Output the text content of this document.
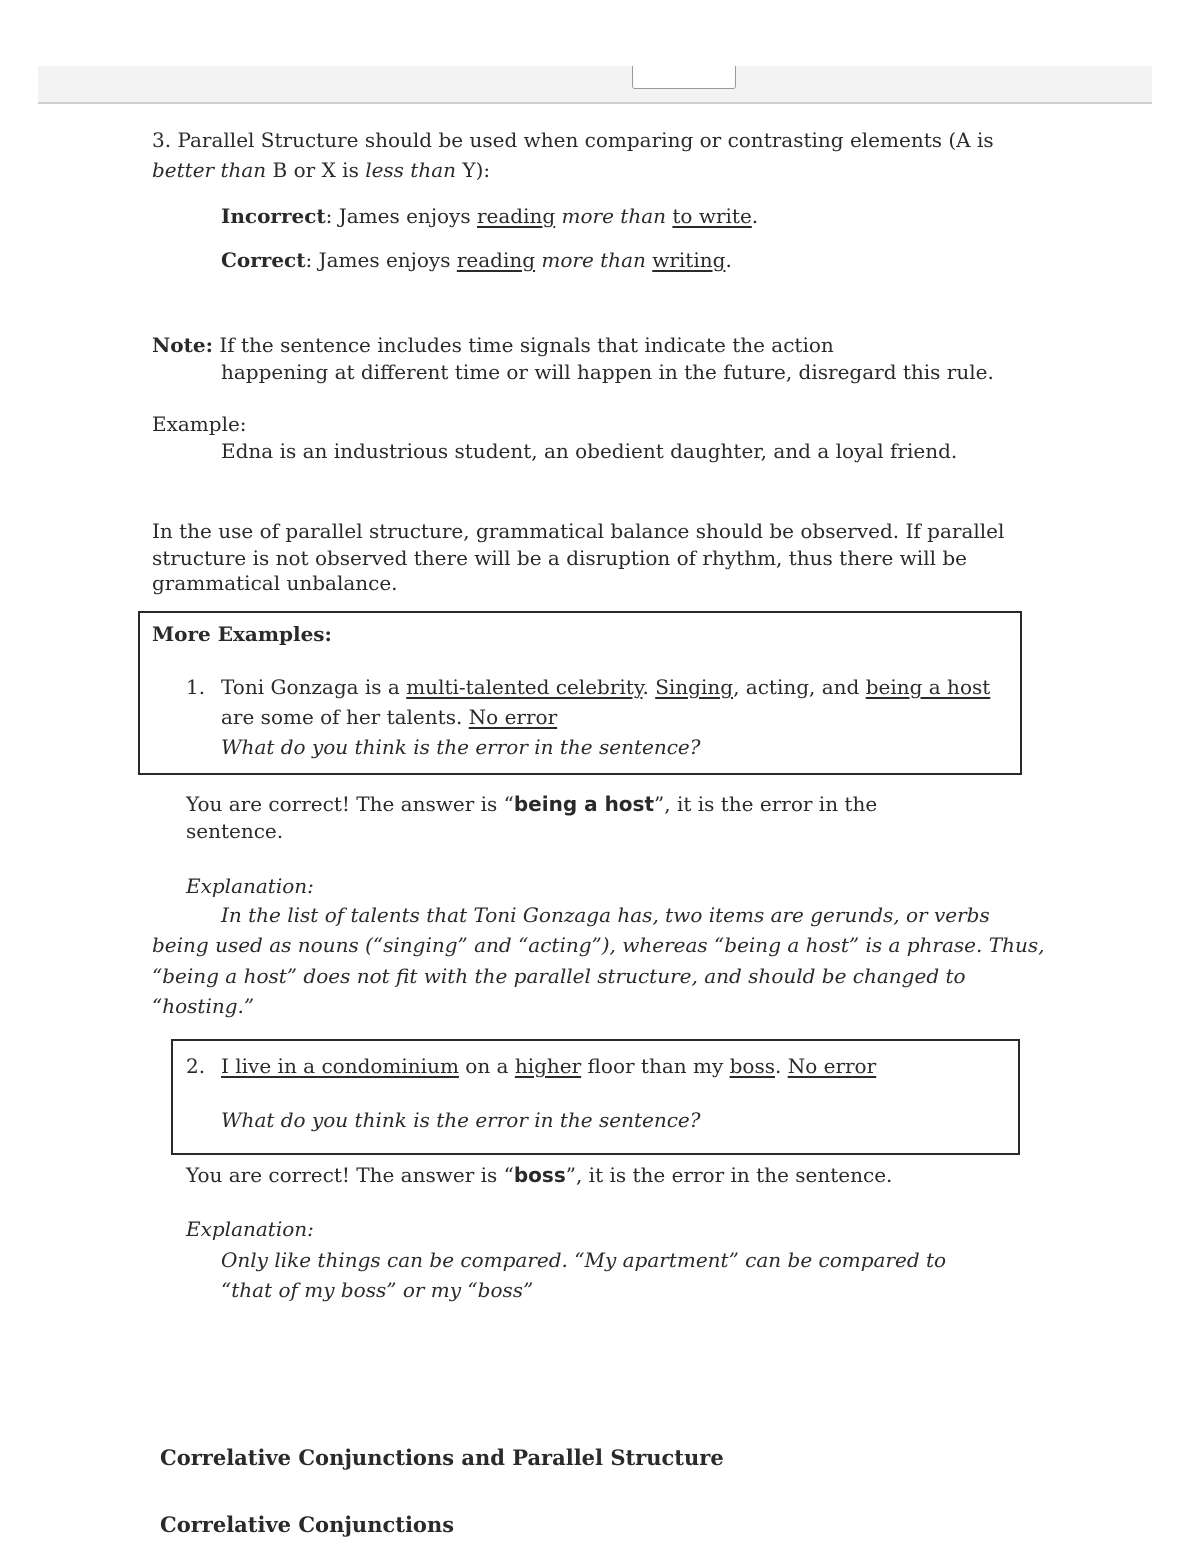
3. Parallel Structure should be used when comparing or contrasting elements (A is
better than B or X is less than Y):
Incorrect: James enjoys reading more than to write.
Correct: James enjoys reading more than writing.
Note: If the sentence includes time signals that indicate the action
happening at different time or will happen in the future, disregard this rule.
Example:
Edna is an industrious student, an obedient daughter, and a loyal friend.
In the use of parallel structure, grammatical balance should be observed. If parallel
structure is not observed there will be a disruption of rhythm, thus there will be
grammatical unbalance.
More Examples:
1. Toni Gonzaga is a multi-talented celebrity. Singing, acting, and being a host
are some of her talents. No error
What do you think is the error in the sentence?
You are correct! The answer is “being a host”, it is the error in the
sentence.
Explanation:
In the list of talents that Toni Gonzaga has, two items are gerunds, or verbs
being used as nouns (“singing” and “acting”), whereas “being a host” is a phrase. Thus,
“being a host” does not fit with the parallel structure, and should be changed to
“hosting.”
2. I live in a condominium on a higher floor than my boss. No error
What do you think is the error in the sentence?
You are correct! The answer is “boss”, it is the error in the sentence.
Explanation:
Only like things can be compared. “My apartment” can be compared to
“that of my boss” or my “boss”
Correlative Conjunctions and Parallel Structure
Correlative Conjunctions
